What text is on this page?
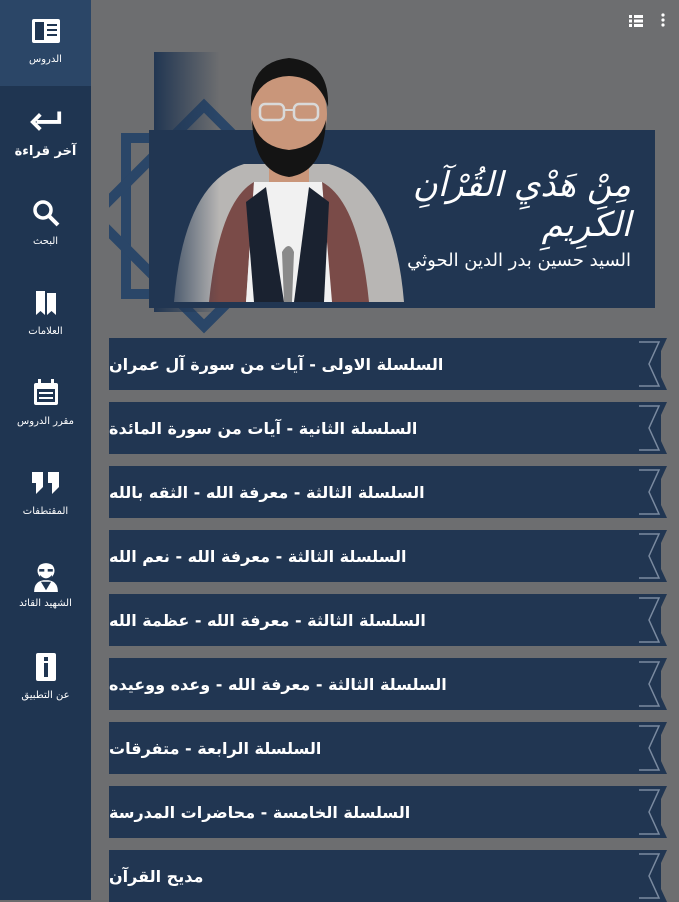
الدروس
آخر قراءة
البحث
العلامات
مقرر الدروس
المقتطفات
الشهيد القائد
عن التطبيق
مِنْ هَدْيِ القُرْآنِ الكَرِيمِ
السيد حسين بدر الدين الحوثي
السلسلة الاولى - آيات من سورة آل عمران
السلسلة الثانية - آيات من سورة المائدة
السلسلة الثالثة - معرفة الله - الثقه بالله
السلسلة الثالثة - معرفة الله - نعم الله
السلسلة الثالثة - معرفة الله - عظمة الله
السلسلة الثالثة - معرفة الله - وعده ووعيده
السلسلة الرابعة - متفرقات
السلسلة الخامسة - محاضرات المدرسة
مديح القرآن
